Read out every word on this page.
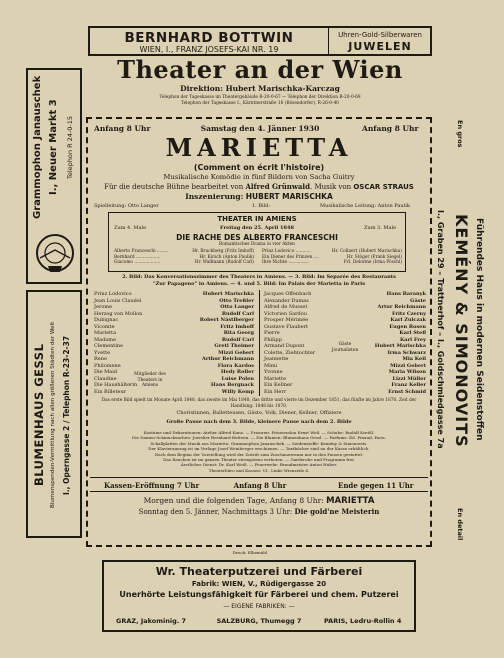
BERNHARD BOTTWIN
WIEN, I., FRANZ JOSEFS-KAI NR. 19
Uhren-Gold-Silberwaren
JUWELEN
Theater an der Wien
Direktion: Hubert Marischka-Karczag
Telephon der Tageskasse im Theatergebäude B-20-0-67 — Telephon der Direktion B-20-0-68
Telephon der Tageskasse I., Kärntnerstraße 16 (Bösendorfer), R-26-0-40
Grammophon Janauschek I., Neuer Markt 3 Telephon R 24-0-15
BLUMENHAUS GESSL Blumenspenden-Vermittlung nach allen größeren Städten der Welt I., Operngasse 2 / Telephon R-23-2-37	Führendes Haus in modernen Seidenstoffen
En gros
KEMÉNY & SIMONOVITS
En detail
I., Graben 29 – Trattnerhof – I., Goldschmiedgasse 7a
Anfang 8 Uhr	Samstag den 4. Jänner 1930	Anfang 8 Uhr
MARIETTA
(Comment on écrit l'histoire)
Musikalische Komödie in fünf Bildern von Sacha Guitry
Für die deutsche Bühne bearbeitet von Alfred Grünwald. Musik von OSCAR STRAUS
Inszenierung: HUBERT MARISCHKA
Spielleitung: Otto Langer	1. Bild:	Musikalische Leitung: Anton Paulik
THEATER IN AMIENS
Zum 4. Male	Freitag den 25. April 1848	Zum 3. Male
DIE RACHE DES ALBERTO FRANCESCHI
Romantisches Drama in vier Akten
Alberto Franceschi ........	Hr. Bruckberg (Fritz Imhoff)
Bernhard ..................	Hr. Kirsch (Anton Paulik)
Giacomo ...................	Hr. Wallmann (Rudolf Carl)
Prinz Lodovico ...........	Hr. Collaert (Hubert Marischka)
Ein Diener des Prinzen ....	Hr. Stöger (Frank Siegel)
Ihre Nichte ...............	Frl. Delorme (Irma Pöschl)
2. Bild: Das Konversationszimmer des Theaters in Amiens. — 3. Bild: Im Separée des Restaurants
"Zur Papageno" in Amiens. — 4. und 5. Bild: Im Palais der Marietta in Paris
Prinz Lodovico	Hubert Marischka
Jean Louis Claudel	Otto Treßler
Jerome	Otto Langer
Herzog von Mollon	Rudolf Carl
Dubignac	Robert Nästlberger
Vicomte	Fritz Imhoff
Marietta	Rita Georg
Madame	Rudolf Carl
Clementine	Gretl Theimer
Yvette	Mizzi Gebert
Rene	Arthur Reichmann
Philomene	Flora Kardos
Die Maid	Hedy Roller
Claudine	Luise Polen
Die Haushälterin	Hans Bergnack
Ein Billeteur	Willy Kemp
Mitglieder des Theaters in Amiens
Jacques Offenbach	Hans Baranyk
Alexander Dumas	Gäste
Alfred de Musset	Artur Reichmann
Victorien Sardou	Fritz Czerny
Prosper Mérimée	Karl Zulczak
Gustave Flaubert	Eugen Rosen
Pierre	Karl Stefl
Philipp	Karl Frey
Armand Dupont	Hubert Marischka
Colette, Ziehtochter	Irma Schwarz
Jeannette	Mia Keil
Mimi	Mizzi Gebert
Yvonne	Maria Wilson
Mariette	Lizzi Müller
Ein Kellner	Franz Keller
Ein Herr	Ernst Schmid
Gäste Journalisten
Das erste Bild spielt im Monate April 1848, das zweite im Mai 1848, das dritte und vierte im Dezember 1851, das fünfte im Jahre 1870. Zeit der Handlung: 1848 bis 1870.
Choristinnen, Balletteusen, Gäste, Volk, Diener, Kellner, Offiziere
Große Pause nach dem 3. Bilde, kleinere Pause nach dem 2. Bilde
Kostüme und Dekorationen: Atelier Alfred Kunz. — Frisuren: Frisiersalon Ernst Weil. — Schuhe: Rudolf Kreißl.
Die Damen-Schmucksachen: Juwelier Bernhard Bottwin. — Die Blumen: Blumenhaus Gessl. — Parfums: Ed. Pinaud, Paris.
Schallplatten der Musik aus Marietta: Grammophon Janauschek. — Seidenstoffe: Kemény & Simonovits.
Der Klavierauszug ist im Verlage Josef Weinberger erschienen. — Textbücher sind an der Kasse erhältlich.
Nach dem Beginn der Vorstellung wird der Zutritt zum Zuschauerraum nur in den Pausen gestattet.
Das Rauchen ist im ganzen Theater strengstens verboten. — Garderobe und Programm frei.
Ärztlicher Dienst: Dr. Karl Weiß. — Feuerwehr: Brandmeister Anton Huber.
Theaterbüro und Kassen: VI., Linke Wienzeile 6.
Kassen-Eröffnung 7 Uhr	Anfang 8 Uhr	Ende gegen 11 Uhr
Morgen und die folgenden Tage, Anfang 8 Uhr: MARIETTA
Sonntag den 5. Jänner, Nachmittags 3 Uhr: Die gold'ne Meisterin
Druck: Elbemühl
Wr. Theaterputzerei und Färberei
Fabrik: WIEN, V., Rüdigergasse 20
Unerhörte Leistungsfähigkeit für Färberei und chem. Putzerei
— EIGENE FABRIKEN: —
GRAZ, Jakominig. 7	SALZBURG, Thumegg 7	PARIS, Ledru-Rollin 4
